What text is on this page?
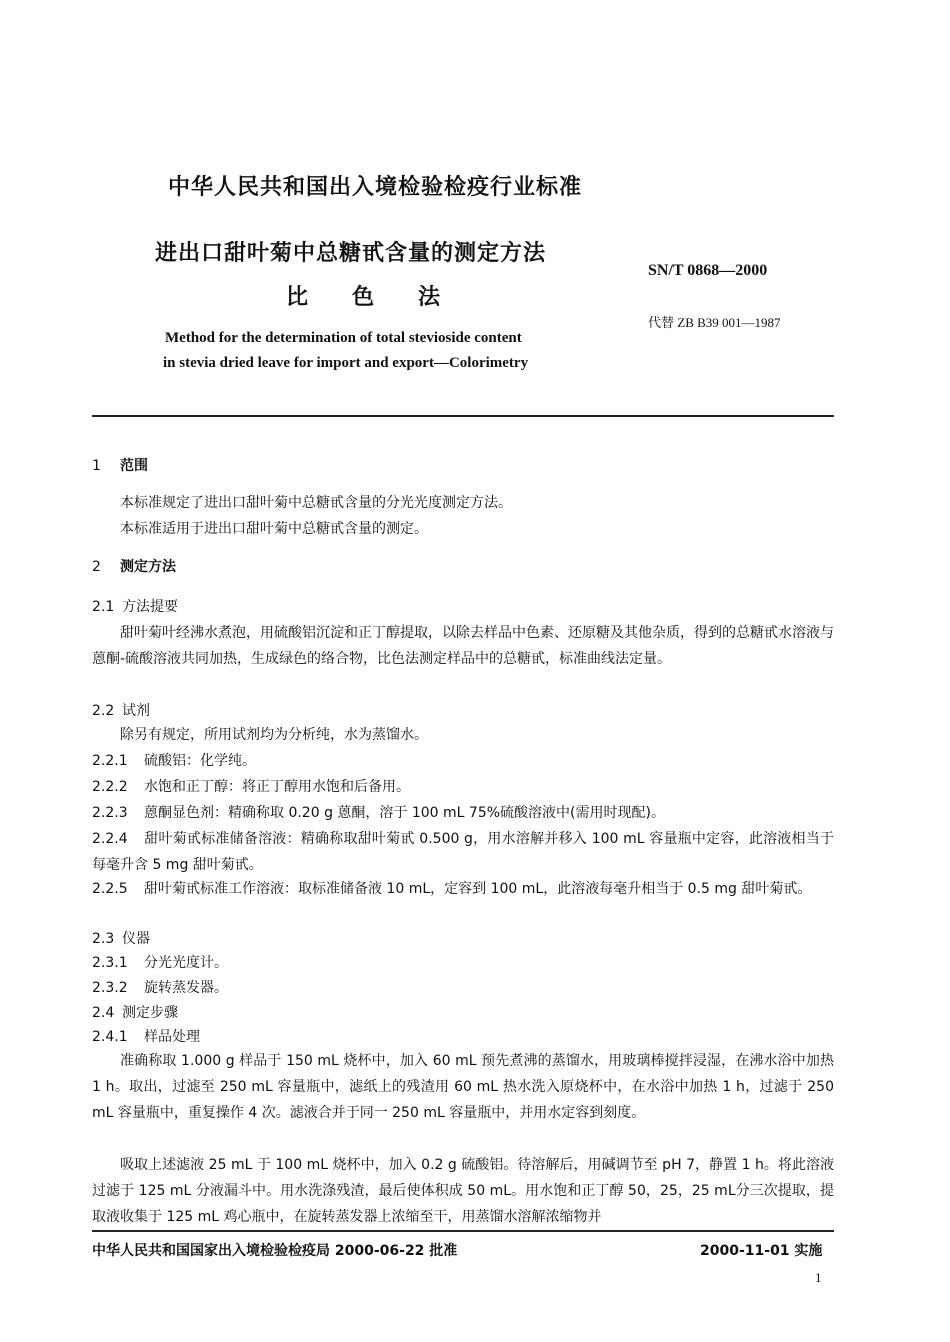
中华人民共和国出入境检验检疫行业标准
进出口甜叶菊中总糖甙含量的测定方法
比色法
SN/T 0868—2000
代替 ZB B39 001—1987
Method for the determination of total stevioside content
in stevia dried leave for import and export—Colorimetry
1 范围
本标准规定了进出口甜叶菊中总糖甙含量的分光光度测定方法。
本标准适用于进出口甜叶菊中总糖甙含量的测定。
2 测定方法
2.1 方法提要
甜叶菊叶经沸水煮泡，用硫酸铝沉淀和正丁醇提取，以除去样品中色素、还原糖及其他杂质，得到的总糖甙水溶液与蒽酮-硫酸溶液共同加热，生成绿色的络合物，比色法测定样品中的总糖甙，标准曲线法定量。
2.2 试剂
除另有规定，所用试剂均为分析纯，水为蒸馏水。
2.2.1 硫酸铝：化学纯。
2.2.2 水饱和正丁醇：将正丁醇用水饱和后备用。
2.2.3 蒽酮显色剂：精确称取 0.20 g 蒽酮，溶于 100 mL 75%硫酸溶液中(需用时现配)。
2.2.4 甜叶菊甙标准储备溶液：精确称取甜叶菊甙 0.500 g，用水溶解并移入 100 mL 容量瓶中定容，此溶液相当于每毫升含 5 mg 甜叶菊甙。
2.2.5 甜叶菊甙标准工作溶液：取标准储备液 10 mL，定容到 100 mL，此溶液每毫升相当于 0.5 mg 甜叶菊甙。
2.3 仪器
2.3.1 分光光度计。
2.3.2 旋转蒸发器。
2.4 测定步骤
2.4.1 样品处理
准确称取 1.000 g 样品于 150 mL 烧杯中，加入 60 mL 预先煮沸的蒸馏水，用玻璃棒搅拌浸湿，在沸水浴中加热 1 h。取出，过滤至 250 mL 容量瓶中，滤纸上的残渣用 60 mL 热水洗入原烧杯中，在水浴中加热 1 h，过滤于 250 mL 容量瓶中，重复操作 4 次。滤液合并于同一 250 mL 容量瓶中，并用水定容到刻度。
吸取上述滤液 25 mL 于 100 mL 烧杯中，加入 0.2 g 硫酸铝。待溶解后，用碱调节至 pH 7，静置 1 h。将此溶液过滤于 125 mL 分液漏斗中。用水洗涤残渣，最后使体积成 50 mL。用水饱和正丁醇 50，25，25 mL分三次提取，提取液收集于 125 mL 鸡心瓶中，在旋转蒸发器上浓缩至干，用蒸馏水溶解浓缩物并
中华人民共和国国家出入境检验检疫局 2000-06-22 批准	2000-11-01 实施
1
